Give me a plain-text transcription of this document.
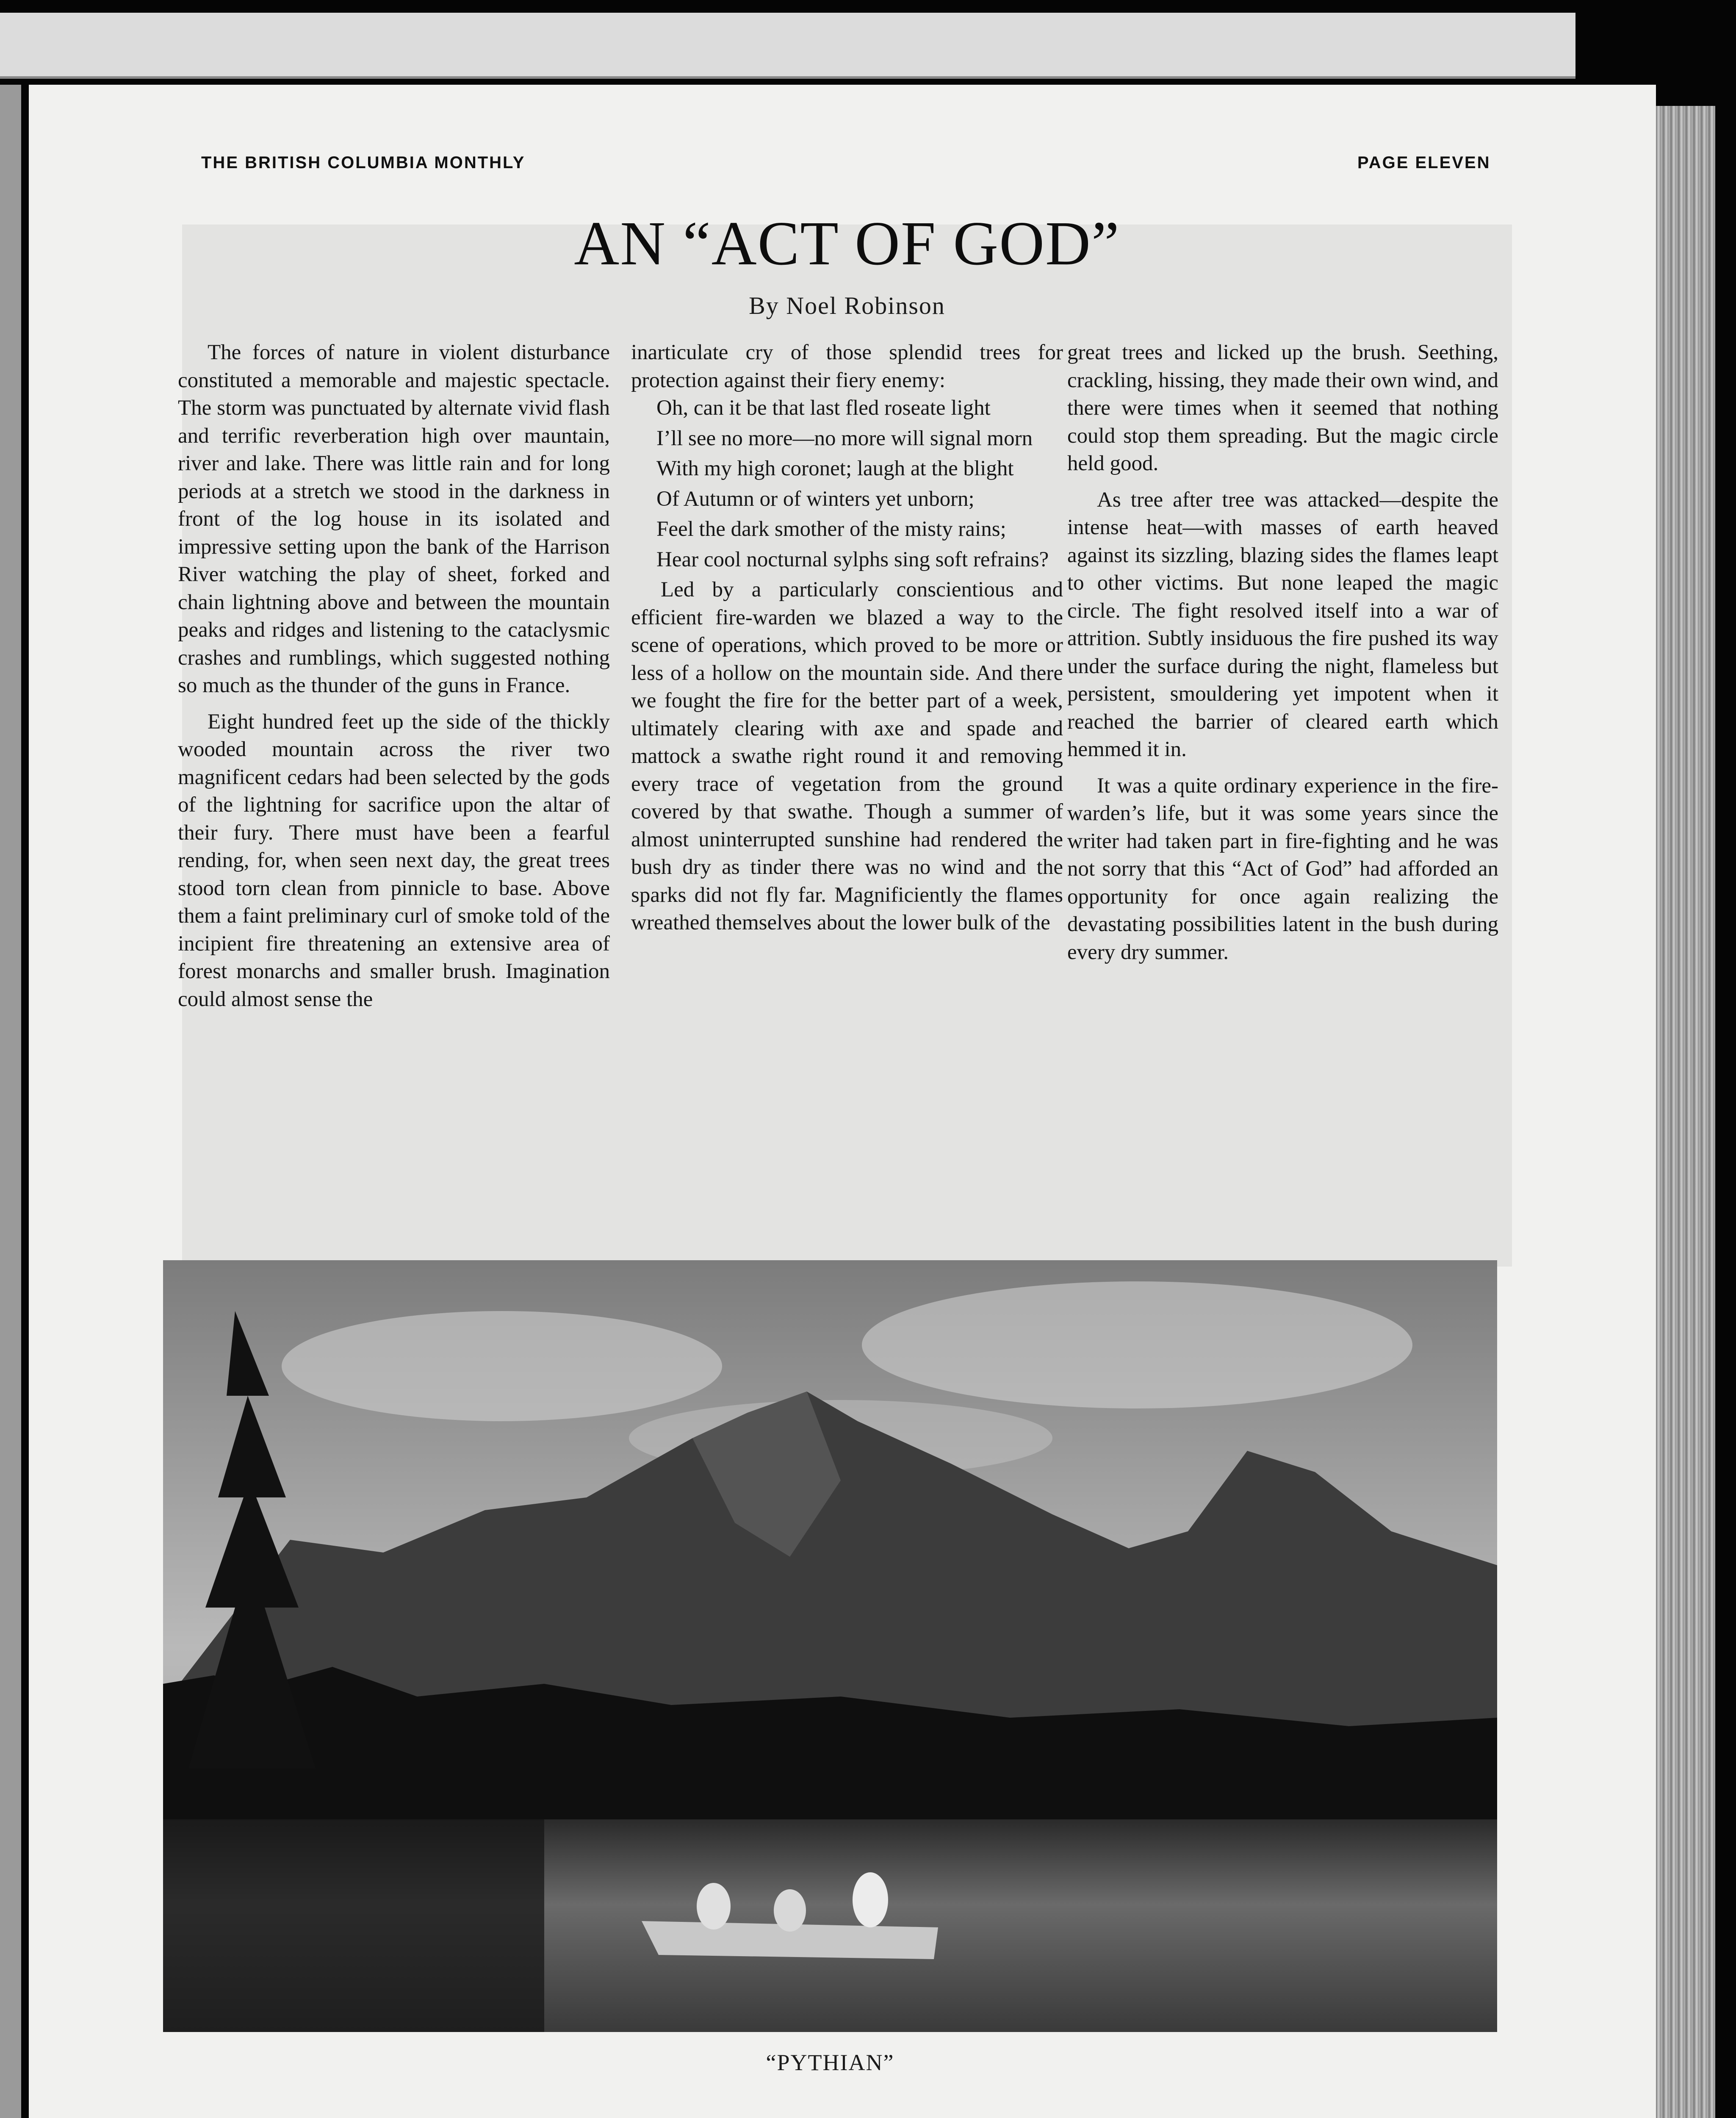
THE BRITISH COLUMBIA MONTHLY	PAGE ELEVEN
AN “ACT OF GOD”
By Noel Robinson

The forces of nature in violent disturbance constituted a memorable and majestic spectacle. The storm was punctuated by alternate vivid flash and terrific reverberation high over mauntain, river and lake. There was little rain and for long periods at a stretch we stood in the darkness in front of the log house in its isolated and impressive setting upon the bank of the Harrison River watching the play of sheet, forked and chain lightning above and between the mountain peaks and ridges and listening to the cataclysmic crashes and rumblings, which suggested nothing so much as the thunder of the guns in France.

Eight hundred feet up the side of the thickly wooded mountain across the river two magnificent cedars had been selected by the gods of the lightning for sacrifice upon the altar of their fury. There must have been a fearful rending, for, when seen next day, the great trees stood torn clean from pinnicle to base. Above them a faint preliminary curl of smoke told of the incipient fire threatening an extensive area of forest monarchs and smaller brush. Imagination could almost sense the

inarticulate cry of those splendid trees for protection against their fiery enemy:

Oh, can it be that last fled roseate light
I’ll see no more—no more will signal morn
With my high coronet; laugh at the blight
Of Autumn or of winters yet unborn;
Feel the dark smother of the misty rains;
Hear cool nocturnal sylphs sing soft refrains?

Led by a particularly conscientious and efficient fire-warden we blazed a way to the scene of operations, which proved to be more or less of a hollow on the mountain side. And there we fought the fire for the better part of a week, ultimately clearing with axe and spade and mattock a swathe right round it and removing every trace of vegetation from the ground covered by that swathe. Though a summer of almost uninterrupted sunshine had rendered the bush dry as tinder there was no wind and the sparks did not fly far. Magnificiently the flames wreathed themselves about the lower bulk of the

great trees and licked up the brush. Seething, crackling, hissing, they made their own wind, and there were times when it seemed that nothing could stop them spreading. But the magic circle held good.

As tree after tree was attacked—despite the intense heat—with masses of earth heaved against its sizzling, blazing sides the flames leapt to other victims. But none leaped the magic circle. The fight resolved itself into a war of attrition. Subtly insiduous the fire pushed its way under the surface during the night, flameless but persistent, smouldering yet impotent when it reached the barrier of cleared earth which hemmed it in.

It was a quite ordinary experience in the fire-warden’s life, but it was some years since the writer had taken part in fire-fighting and he was not sorry that this “Act of God” had afforded an opportunity for once again realizing the devastating possibilities latent in the bush during every dry summer.

“PYTHIAN”
